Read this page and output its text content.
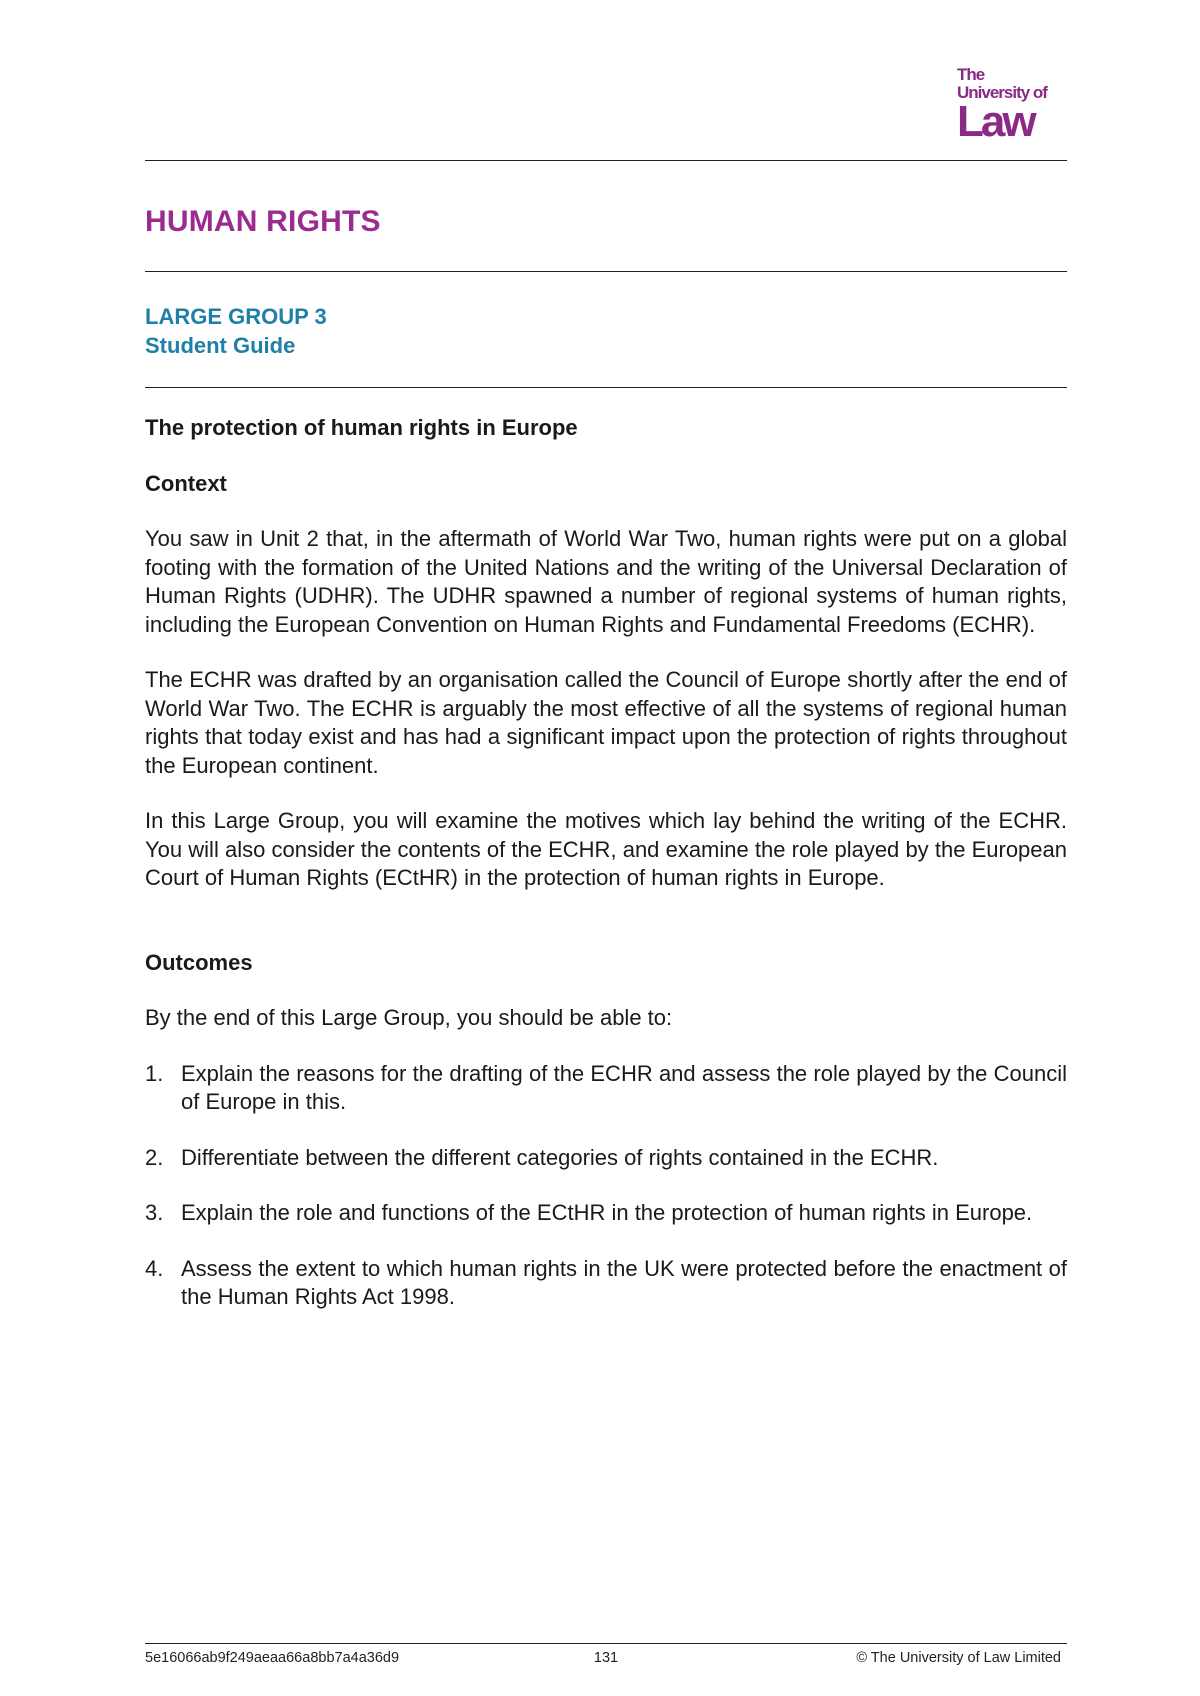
The
University of
Law
HUMAN RIGHTS
LARGE GROUP 3
Student Guide
The protection of human rights in Europe
Context

You saw in Unit 2 that, in the aftermath of World War Two, human rights were put on a global footing with the formation of the United Nations and the writing of the Universal Declaration of Human Rights (UDHR). The UDHR spawned a number of regional systems of human rights, including the European Convention on Human Rights and Fundamental Freedoms (ECHR).

The ECHR was drafted by an organisation called the Council of Europe shortly after the end of World War Two. The ECHR is arguably the most effective of all the systems of regional human rights that today exist and has had a significant impact upon the protection of rights throughout the European continent.

In this Large Group, you will examine the motives which lay behind the writing of the ECHR. You will also consider the contents of the ECHR, and examine the role played by the European Court of Human Rights (ECtHR) in the protection of human rights in Europe.

Outcomes

By the end of this Large Group, you should be able to:

1. Explain the reasons for the drafting of the ECHR and assess the role played by the Council of Europe in this.
2. Differentiate between the different categories of rights contained in the ECHR.
3. Explain the role and functions of the ECtHR in the protection of human rights in Europe.
4. Assess the extent to which human rights in the UK were protected before the enactment of the Human Rights Act 1998.
5e16066ab9f249aeaa66a8bb7a4a36d9	131	© The University of Law Limited
